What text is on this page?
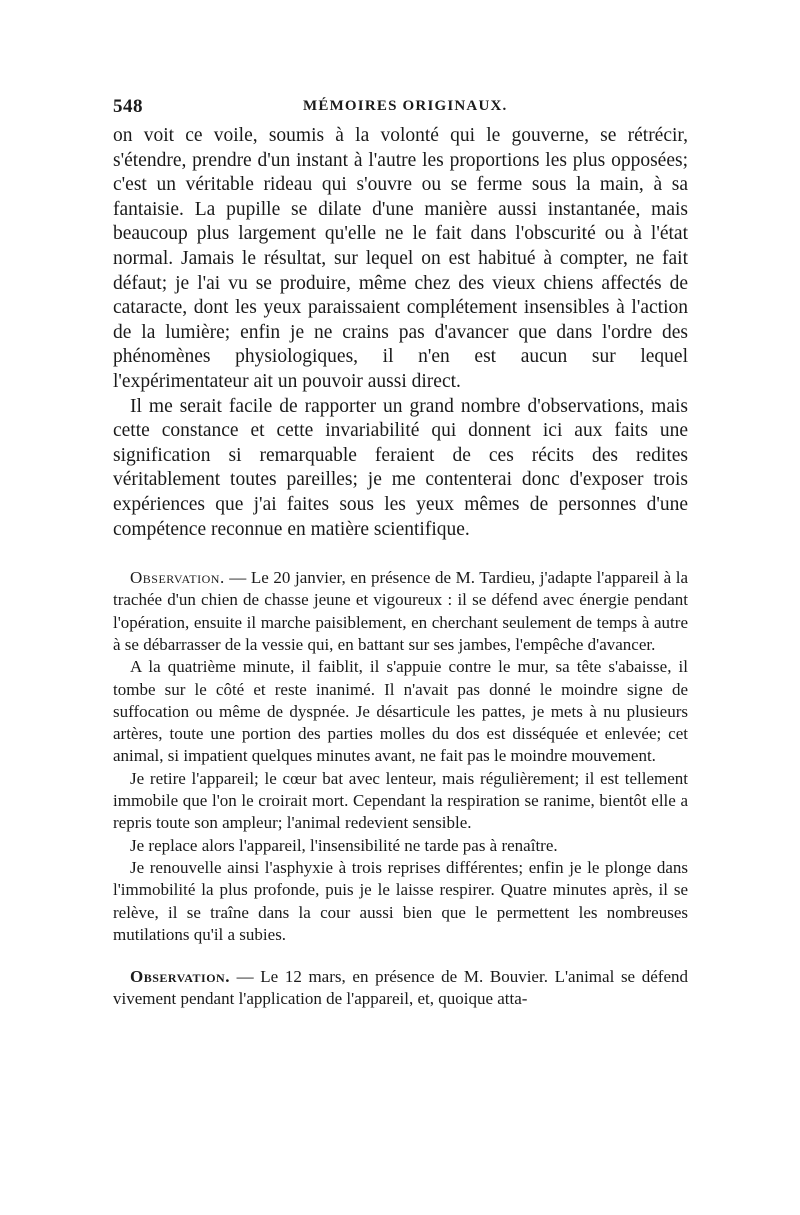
548	MÉMOIRES ORIGINAUX.

on voit ce voile, soumis à la volonté qui le gouverne, se rétrécir, s'étendre, prendre d'un instant à l'autre les proportions les plus opposées; c'est un véritable rideau qui s'ouvre ou se ferme sous la main, à sa fantaisie. La pupille se dilate d'une manière aussi instantanée, mais beaucoup plus largement qu'elle ne le fait dans l'obscurité ou à l'état normal. Jamais le résultat, sur lequel on est habitué à compter, ne fait défaut; je l'ai vu se produire, même chez des vieux chiens affectés de cataracte, dont les yeux paraissaient complétement insensibles à l'action de la lumière; enfin je ne crains pas d'avancer que dans l'ordre des phénomènes physiologiques, il n'en est aucun sur lequel l'expérimentateur ait un pouvoir aussi direct.

Il me serait facile de rapporter un grand nombre d'observations, mais cette constance et cette invariabilité qui donnent ici aux faits une signification si remarquable feraient de ces récits des redites véritablement toutes pareilles; je me contenterai donc d'exposer trois expériences que j'ai faites sous les yeux mêmes de personnes d'une compétence reconnue en matière scientifique.

Observation. — Le 20 janvier, en présence de M. Tardieu, j'adapte l'appareil à la trachée d'un chien de chasse jeune et vigoureux : il se défend avec énergie pendant l'opération, ensuite il marche paisiblement, en cherchant seulement de temps à autre à se débarrasser de la vessie qui, en battant sur ses jambes, l'empêche d'avancer.

A la quatrième minute, il faiblit, il s'appuie contre le mur, sa tête s'abaisse, il tombe sur le côté et reste inanimé. Il n'avait pas donné le moindre signe de suffocation ou même de dyspnée. Je désarticule les pattes, je mets à nu plusieurs artères, toute une portion des parties molles du dos est disséquée et enlevée; cet animal, si impatient quelques minutes avant, ne fait pas le moindre mouvement.

Je retire l'appareil; le cœur bat avec lenteur, mais régulièrement; il est tellement immobile que l'on le croirait mort. Cependant la respiration se ranime, bientôt elle a repris toute son ampleur; l'animal redevient sensible.

Je replace alors l'appareil, l'insensibilité ne tarde pas à renaître.

Je renouvelle ainsi l'asphyxie à trois reprises différentes; enfin je le plonge dans l'immobilité la plus profonde, puis je le laisse respirer. Quatre minutes après, il se relève, il se traîne dans la cour aussi bien que le permettent les nombreuses mutilations qu'il a subies.

Observation. — Le 12 mars, en présence de M. Bouvier. L'animal se défend vivement pendant l'application de l'appareil, et, quoique atta-
